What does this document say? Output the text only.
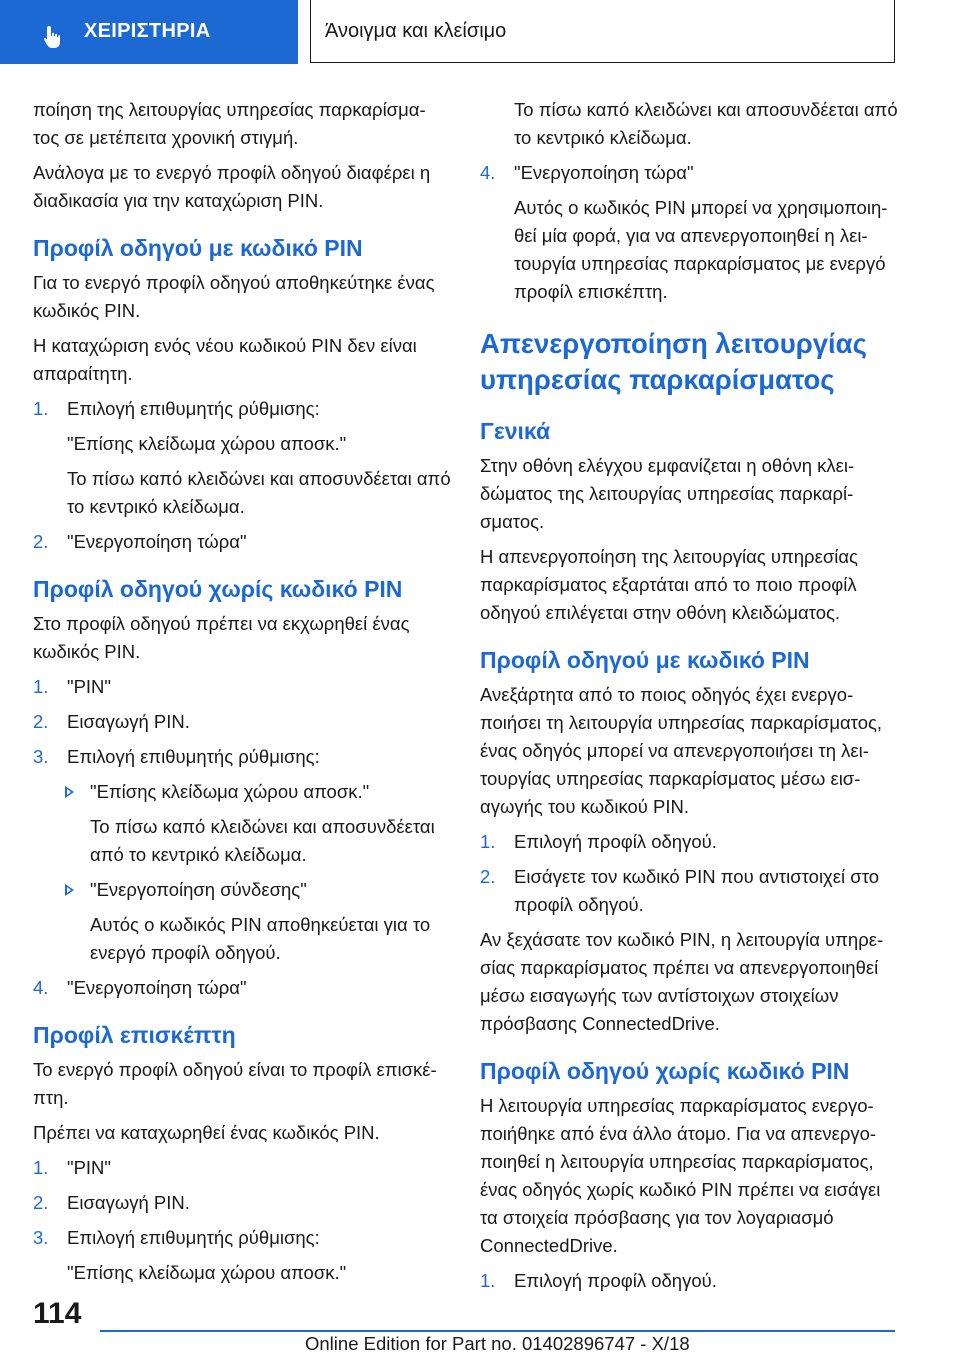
ΧΕΙΡΙΣΤΗΡΙΑ	Άνοιγμα και κλείσιμο

ποίηση της λειτουργίας υπηρεσίας παρκαρίσμα-τος σε μετέπειτα χρονική στιγμή.

Ανάλογα με το ενεργό προφίλ οδηγού διαφέρει η διαδικασία για την καταχώριση PIN.

Προφίλ οδηγού με κωδικό PIN

Για το ενεργό προφίλ οδηγού αποθηκεύτηκε ένας κωδικός PIN.

Η καταχώριση ενός νέου κωδικού PIN δεν είναι απαραίτητη.

1. Επιλογή επιθυμητής ρύθμισης:
"Επίσης κλείδωμα χώρου αποσκ."
Το πίσω καπό κλειδώνει και αποσυνδέεται από το κεντρικό κλείδωμα.
2. "Ενεργοποίηση τώρα"
Προφίλ οδηγού χωρίς κωδικό PIN

Στο προφίλ οδηγού πρέπει να εκχωρηθεί ένας κωδικός PIN.

1. "PIN"
2. Εισαγωγή PIN.
3. Επιλογή επιθυμητής ρύθμισης:
"Επίσης κλείδωμα χώρου αποσκ."
Το πίσω καπό κλειδώνει και αποσυνδέεται από το κεντρικό κλείδωμα.
"Ενεργοποίηση σύνδεσης"
Αυτός ο κωδικός PIN αποθηκεύεται για το ενεργό προφίλ οδηγού.
4. "Ενεργοποίηση τώρα"
Προφίλ επισκέπτη

Το ενεργό προφίλ οδηγού είναι το προφίλ επισκέ-πτη.

Πρέπει να καταχωρηθεί ένας κωδικός PIN.

1. "PIN"
2. Εισαγωγή PIN.
3. Επιλογή επιθυμητής ρύθμισης:
"Επίσης κλείδωμα χώρου αποσκ."
Το πίσω καπό κλειδώνει και αποσυνδέεται από το κεντρικό κλείδωμα.
4. "Ενεργοποίηση τώρα"
Αυτός ο κωδικός PIN μπορεί να χρησιμοποιη-θεί μία φορά, για να απενεργοποιηθεί η λει-τουργία υπηρεσίας παρκαρίσματος με ενεργό προφίλ επισκέπτη.
Απενεργοποίηση λειτουργίας υπηρεσίας παρκαρίσματος
Γενικά

Στην οθόνη ελέγχου εμφανίζεται η οθόνη κλει-δώματος της λειτουργίας υπηρεσίας παρκαρί-σματος.

Η απενεργοποίηση της λειτουργίας υπηρεσίας παρκαρίσματος εξαρτάται από το ποιο προφίλ οδηγού επιλέγεται στην οθόνη κλειδώματος.

Προφίλ οδηγού με κωδικό PIN

Ανεξάρτητα από το ποιος οδηγός έχει ενεργο-ποιήσει τη λειτουργία υπηρεσίας παρκαρίσματος, ένας οδηγός μπορεί να απενεργοποιήσει τη λει-τουργίας υπηρεσίας παρκαρίσματος μέσω εισ-αγωγής του κωδικού PIN.

1. Επιλογή προφίλ οδηγού.
2. Εισάγετε τον κωδικό PIN που αντιστοιχεί στο προφίλ οδηγού.

Αν ξεχάσατε τον κωδικό PIN, η λειτουργία υπηρε-σίας παρκαρίσματος πρέπει να απενεργοποιηθεί μέσω εισαγωγής των αντίστοιχων στοιχείων πρόσβασης ConnectedDrive.

Προφίλ οδηγού χωρίς κωδικό PIN

Η λειτουργία υπηρεσίας παρκαρίσματος ενεργο-ποιήθηκε από ένα άλλο άτομο. Για να απενεργο-ποιηθεί η λειτουργία υπηρεσίας παρκαρίσματος, ένας οδηγός χωρίς κωδικό PIN πρέπει να εισάγει τα στοιχεία πρόσβασης για τον λογαριασμό ConnectedDrive.

1. Επιλογή προφίλ οδηγού.
114
Online Edition for Part no. 01402896747 - X/18
